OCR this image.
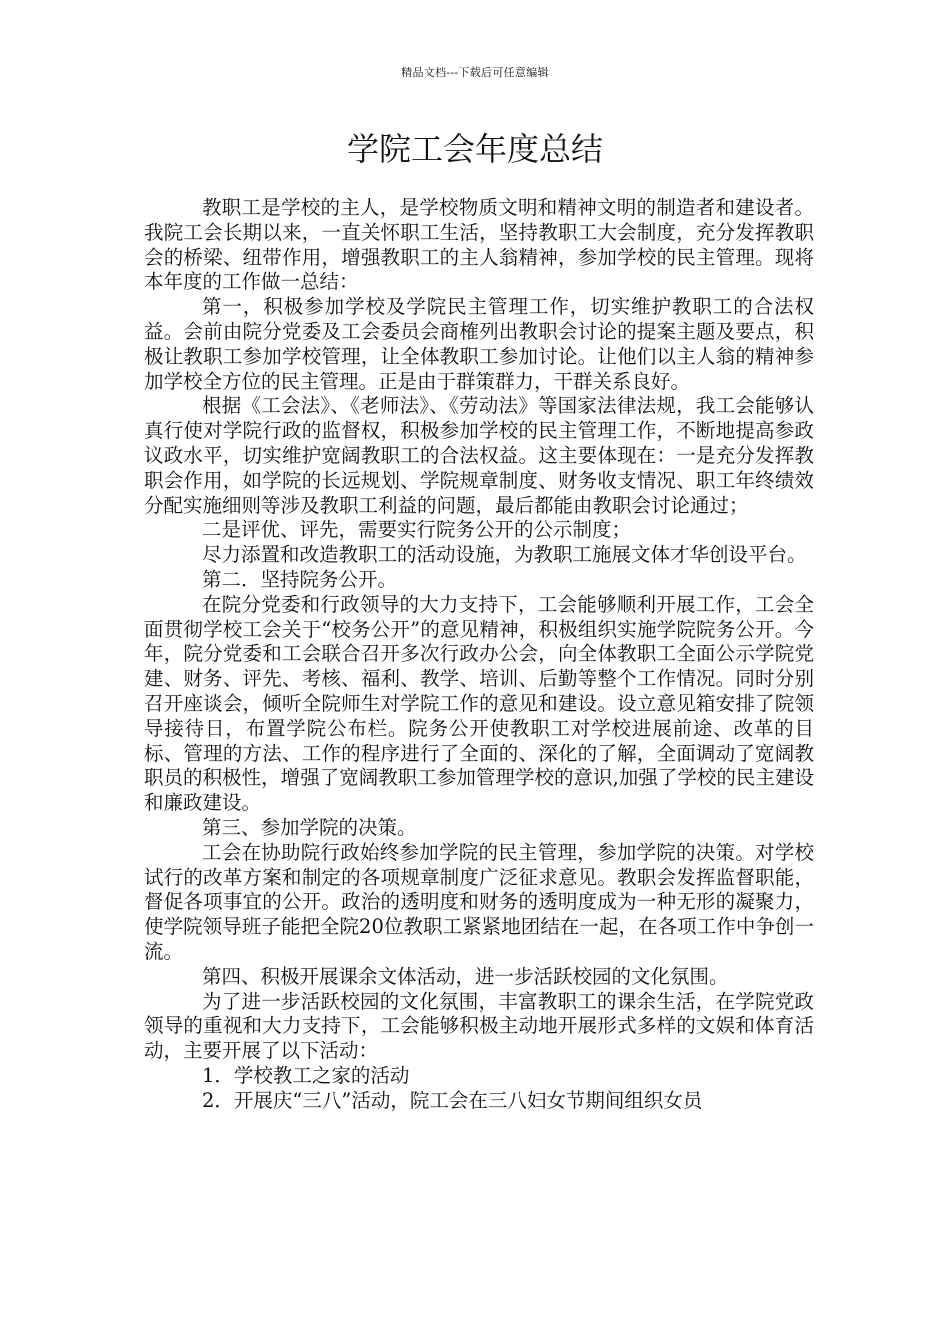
精品文档---下载后可任意编辑
学院工会年度总结

教职工是学校的主人，是学校物质文明和精神文明的制造者和建设者。我院工会长期以来，一直关怀职工生活，坚持教职工大会制度，充分发挥教职会的桥梁、纽带作用，增强教职工的主人翁精神，参加学校的民主管理。现将本年度的工作做一总结：

第一，积极参加学校及学院民主管理工作，切实维护教职工的合法权益。会前由院分党委及工会委员会商榷列出教职会讨论的提案主题及要点，积极让教职工参加学校管理，让全体教职工参加讨论。让他们以主人翁的精神参加学校全方位的民主管理。正是由于群策群力，干群关系良好。

根据《工会法》、《老师法》、《劳动法》等国家法律法规，我工会能够认真行使对学院行政的监督权，积极参加学校的民主管理工作，不断地提高参政议政水平，切实维护宽阔教职工的合法权益。这主要体现在：一是充分发挥教职会作用，如学院的长远规划、学院规章制度、财务收支情况、职工年终绩效分配实施细则等涉及教职工利益的问题，最后都能由教职会讨论通过；

二是评优、评先，需要实行院务公开的公示制度；

尽力添置和改造教职工的活动设施，为教职工施展文体才华创设平台。

第二．坚持院务公开。

在院分党委和行政领导的大力支持下，工会能够顺利开展工作，工会全面贯彻学校工会关于“校务公开”的意见精神，积极组织实施学院院务公开。今年，院分党委和工会联合召开多次行政办公会，向全体教职工全面公示学院党建、财务、评先、考核、福利、教学、培训、后勤等整个工作情况。同时分别召开座谈会，倾听全院师生对学院工作的意见和建设。设立意见箱安排了院领导接待日，布置学院公布栏。院务公开使教职工对学校进展前途、改革的目标、管理的方法、工作的程序进行了全面的、深化的了解，全面调动了宽阔教职员的积极性，增强了宽阔教职工参加管理学校的意识,加强了学校的民主建设和廉政建设。

第三、参加学院的决策。

工会在协助院行政始终参加学院的民主管理，参加学院的决策。对学校试行的改革方案和制定的各项规章制度广泛征求意见。教职会发挥监督职能，督促各项事宜的公开。政治的透明度和财务的透明度成为一种无形的凝聚力，使学院领导班子能把全院20位教职工紧紧地团结在一起，在各项工作中争创一流。

第四、积极开展课余文体活动，进一步活跃校园的文化氛围。

为了进一步活跃校园的文化氛围，丰富教职工的课余生活，在学院党政领导的重视和大力支持下，工会能够积极主动地开展形式多样的文娱和体育活动，主要开展了以下活动：

1．学校教工之家的活动

2．开展庆“三八”活动，院工会在三八妇女节期间组织女员
